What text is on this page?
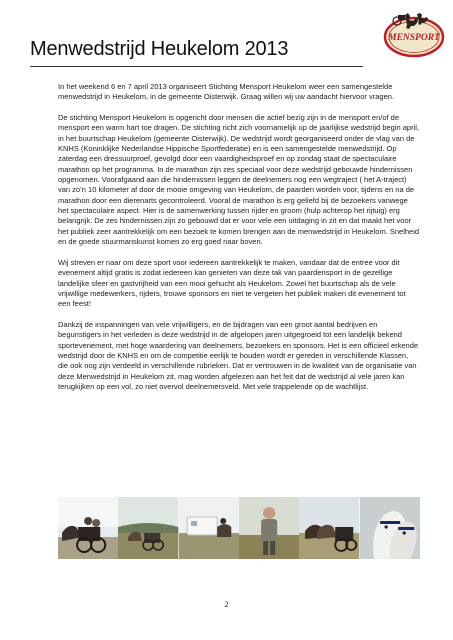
Menwedstrijd Heukelom 2013	MENSPORT

In het weekend 6 en 7 april 2013 organiseert Stichting Mensport Heukelom weer een samengestelde menwedstrijd in Heukelom, in de gemeente Oisterwijk. Graag willen wij uw aandacht hiervoor vragen.

De stichting Mensport Heukelom is opgericht door mensen die actief bezig zijn in de mensport en/of de mensport een warm hart toe dragen. De stichting richt zich voornamelijk op de jaarlijkse wedstrijd begin april, in het buurtschap Heukelom (gemeente Oisterwijk). De wedstrijd wordt georganiseerd onder de vlag van de KNHS (Koninklijke Nederlandse Hippische Sportfederatie) en is een samengestelde menwedstrijd. Op zaterdag een dressuurproef, gevolgd door een vaardigheidsproef en op zondag staat de spectaculaire marathon op het programma. In de marathon zijn zes speciaal voor deze wedstrijd gebouwde hindernissen opgenomen. Voorafgaand aan die hindernissen leggen de deelnemers nog een wegtraject ( het A-traject) van zo’n 10 kilometer af door de mooie omgeving van Heukelom, de paarden worden voor, tijdens en na de marathon door een dierenarts gecontroleerd. Vooral de marathon is erg geliefd bij de bezoekers vanwege het spectaculaire aspect. Hier is de samenwerking tussen rijder en groom (hulp achterop het rijtuig) erg belangrijk. De zes hindernissen zijn zo gebouwd dat er voor vele een uitdaging in zit en dat maakt het voor het publiek zeer aantrekkelijk om een bezoek te komen brengen aan de menwedstrijd in Heukelom. Snelheid en de goede stuurmanskunst komen zo erg goed naar boven.

Wij streven er naar om deze sport voor iedereen aantrekkelijk te maken, vandaar dat de entree voor dit evenement altijd gratis is zodat iedereen kan genieten van deze tak van paardensport in de gezellige landelijke sfeer en gastvrijheid van een mooi gehucht als Heukelom. Zowel het buurtschap als de vele vrijwillige medewerkers, rijders, trouwe sponsors en niet te vergeten het publiek maken dit evenement tot een feest!

Dankzij de inspanningen van vele vrijwilligers, en de bijdragen van een groot aantal bedrijven en begunstigers in het verleden is deze wedstrijd in de afgelopen jaren uitgegroeid tot een landelijk bekend sportevenement, met hoge waardering van deelnemers, bezoekers en sponsors. Het is een officieel erkende wedstrijd door de KNHS en om de competitie eerlijk te houden wordt er gereden in verschillende Klassen, die ook nog zijn verdeeld in verschillende rubrieken. Dat er vertrouwen in de kwaliteit van de organisatie van deze Menwedstrijd in Heukelom zit, mag worden afgelezen aan het feit dat de wedstrijd al vele jaren kan terugkijken op een vol, zo niet overvol deelnemersveld. Met vele trappelende op de wachtlijst.

2
